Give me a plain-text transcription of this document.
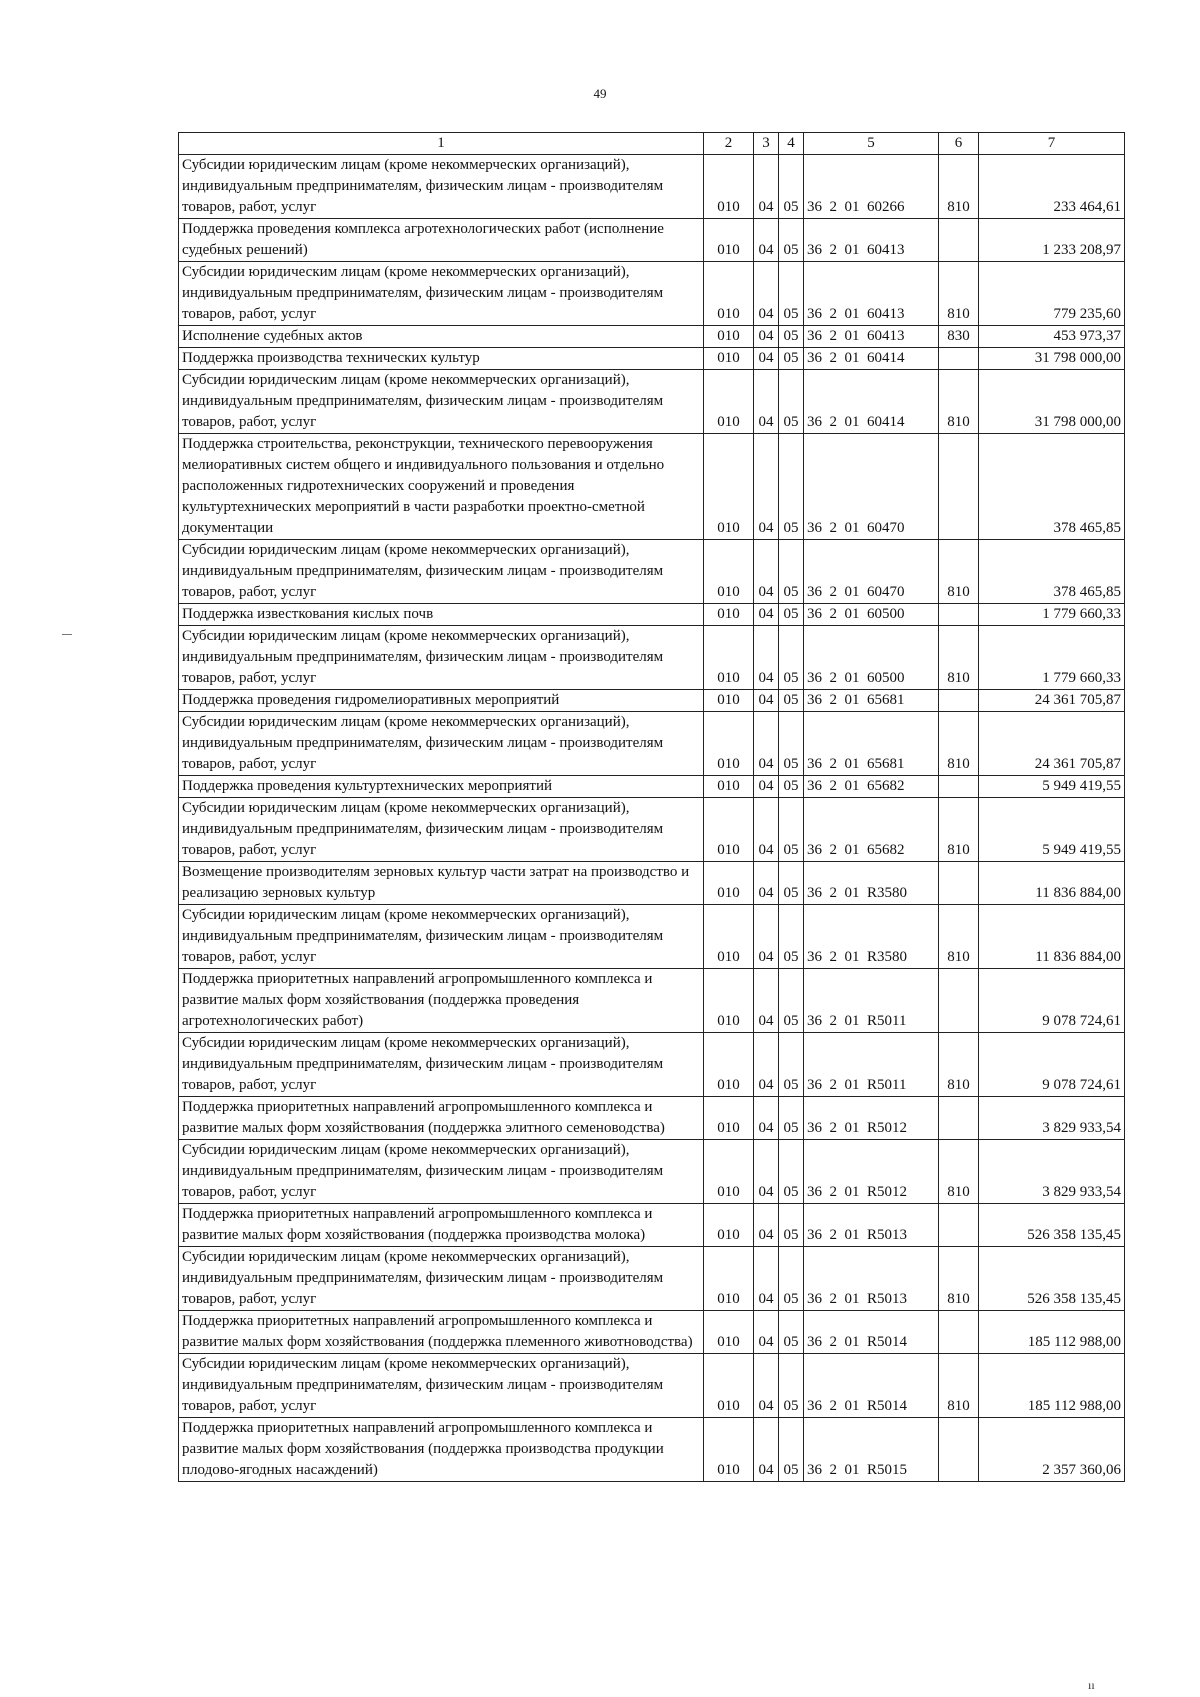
49
1	2	3	4	5	6	7
Субсидии юридическим лицам (кроме некоммерческих организаций), индивидуальным предпринимателям, физическим лицам - производителям товаров, работ, услуг	010	04	05	36  2  01  60266	810	233 464,61
Поддержка проведения комплекса агротехнологических работ (исполнение судебных решений)	010	04	05	36  2  01  60413		1 233 208,97
Субсидии юридическим лицам (кроме некоммерческих организаций), индивидуальным предпринимателям, физическим лицам - производителям товаров, работ, услуг	010	04	05	36  2  01  60413	810	779 235,60
Исполнение судебных актов	010	04	05	36  2  01  60413	830	453 973,37
Поддержка производства технических культур	010	04	05	36  2  01  60414		31 798 000,00
Субсидии юридическим лицам (кроме некоммерческих организаций), индивидуальным предпринимателям, физическим лицам - производителям товаров, работ, услуг	010	04	05	36  2  01  60414	810	31 798 000,00
Поддержка строительства, реконструкции, технического перевооружения мелиоративных систем общего и индивидуального пользования и отдельно расположенных гидротехнических сооружений и проведения культуртехнических мероприятий в части разработки проектно-сметной документации	010	04	05	36  2  01  60470		378 465,85
Субсидии юридическим лицам (кроме некоммерческих организаций), индивидуальным предпринимателям, физическим лицам - производителям товаров, работ, услуг	010	04	05	36  2  01  60470	810	378 465,85
Поддержка известкования кислых почв	010	04	05	36  2  01  60500		1 779 660,33
Субсидии юридическим лицам (кроме некоммерческих организаций), индивидуальным предпринимателям, физическим лицам - производителям товаров, работ, услуг	010	04	05	36  2  01  60500	810	1 779 660,33
Поддержка проведения гидромелиоративных мероприятий	010	04	05	36  2  01  65681		24 361 705,87
Субсидии юридическим лицам (кроме некоммерческих организаций), индивидуальным предпринимателям, физическим лицам - производителям товаров, работ, услуг	010	04	05	36  2  01  65681	810	24 361 705,87
Поддержка проведения культуртехнических мероприятий	010	04	05	36  2  01  65682		5 949 419,55
Субсидии юридическим лицам (кроме некоммерческих организаций), индивидуальным предпринимателям, физическим лицам - производителям товаров, работ, услуг	010	04	05	36  2  01  65682	810	5 949 419,55
Возмещение производителям зерновых культур части затрат на производство и реализацию зерновых культур	010	04	05	36  2  01  R3580		11 836 884,00
Субсидии юридическим лицам (кроме некоммерческих организаций), индивидуальным предпринимателям, физическим лицам - производителям товаров, работ, услуг	010	04	05	36  2  01  R3580	810	11 836 884,00
Поддержка приоритетных направлений агропромышленного комплекса и развитие малых форм хозяйствования (поддержка проведения агротехнологических работ)	010	04	05	36  2  01  R5011		9 078 724,61
Субсидии юридическим лицам (кроме некоммерческих организаций), индивидуальным предпринимателям, физическим лицам - производителям товаров, работ, услуг	010	04	05	36  2  01  R5011	810	9 078 724,61
Поддержка приоритетных направлений агропромышленного комплекса и развитие малых форм хозяйствования (поддержка элитного семеноводства)	010	04	05	36  2  01  R5012		3 829 933,54
Субсидии юридическим лицам (кроме некоммерческих организаций), индивидуальным предпринимателям, физическим лицам - производителям товаров, работ, услуг	010	04	05	36  2  01  R5012	810	3 829 933,54
Поддержка приоритетных направлений агропромышленного комплекса и развитие малых форм хозяйствования (поддержка производства молока)	010	04	05	36  2  01  R5013		526 358 135,45
Субсидии юридическим лицам (кроме некоммерческих организаций), индивидуальным предпринимателям, физическим лицам - производителям товаров, работ, услуг	010	04	05	36  2  01  R5013	810	526 358 135,45
Поддержка приоритетных направлений агропромышленного комплекса и развитие малых форм хозяйствования (поддержка племенного животноводства)	010	04	05	36  2  01  R5014		185 112 988,00
Субсидии юридическим лицам (кроме некоммерческих организаций), индивидуальным предпринимателям, физическим лицам - производителям товаров, работ, услуг	010	04	05	36  2  01  R5014	810	185 112 988,00
Поддержка приоритетных направлений агропромышленного комплекса и развитие малых форм хозяйствования (поддержка производства продукции плодово-ягодных насаждений)	010	04	05	36  2  01  R5015		2 357 360,06
ıı
